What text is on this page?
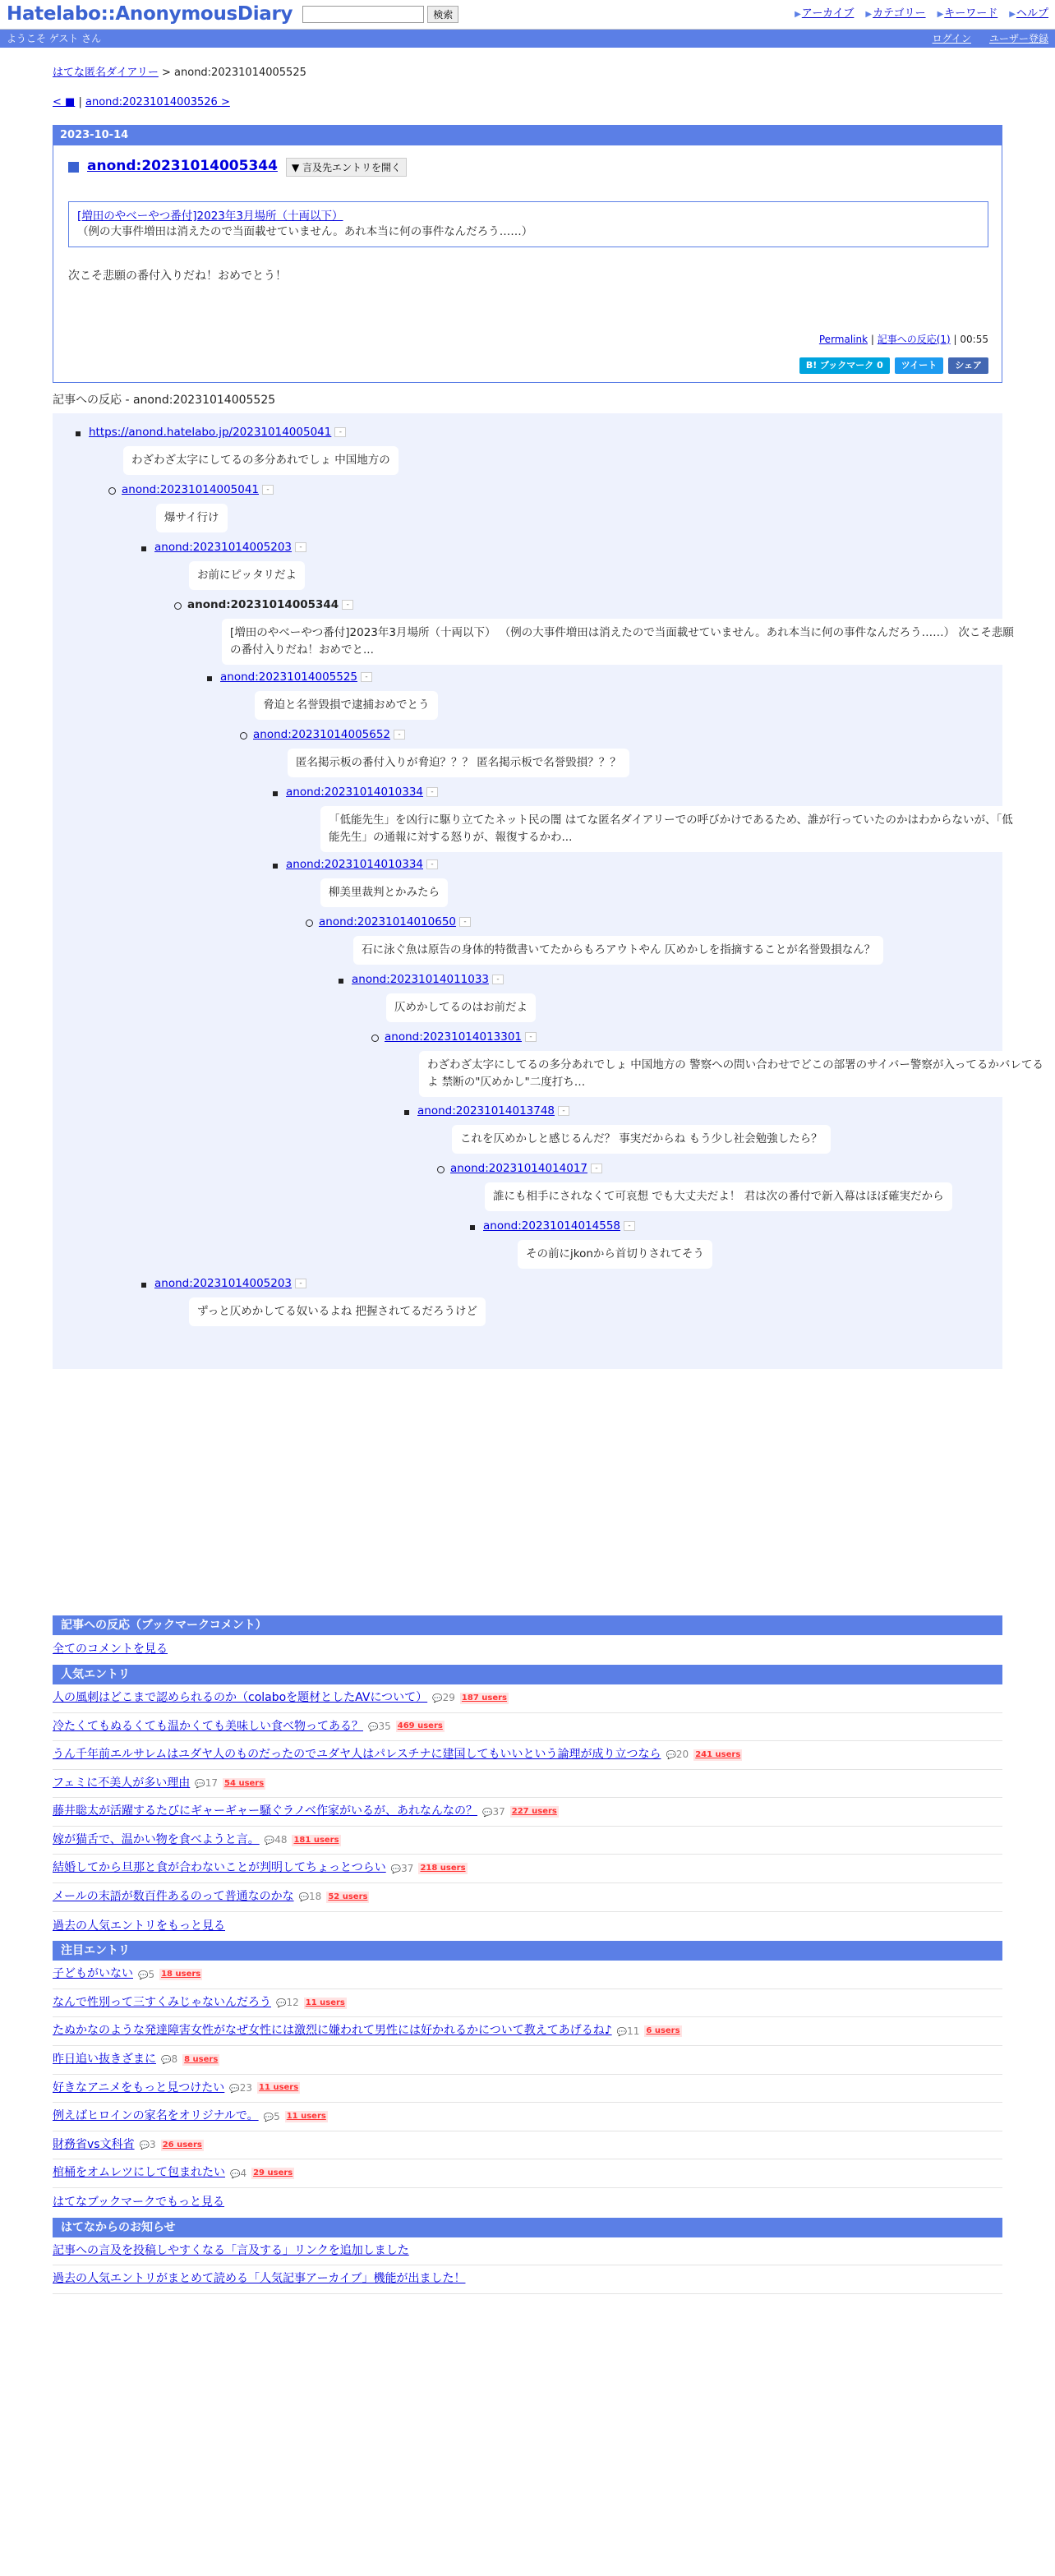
Hatelabo::AnonymousDiary	検索	▶アーカイブ ▶カテゴリー ▶キーワード ▶ヘルプ
ようこそ ゲスト さん	ログイン ユーザー登録
はてな匿名ダイアリー > anond:20231014005525
< ■ | anond:20231014003526 >
2023-10-14
anond:20231014005344	▼ 言及先エントリを開く
[増田のやべーやつ番付]2023年3月場所（十両以下）
（例の大事件増田は消えたので当面載せていません。あれ本当に何の事件なんだろう……）
次こそ悲願の番付入りだね！おめでとう！
Permalink | 記事への反応(1) | 00:55
B! ブックマーク 0	ツイート	シェア
記事への反応 - anond:20231014005525
https://anond.hatelabo.jp/20231014005041 -
わざわざ太字にしてるの多分あれでしょ 中国地方の
anond:20231014005041 -
爆サイ行け
anond:20231014005203 -
お前にピッタリだよ
anond:20231014005344 -
[増田のやべーやつ番付]2023年3月場所（十両以下） （例の大事件増田は消えたので当面載せていません。あれ本当に何の事件なんだろう……） 次こそ悲願の番付入りだね！おめでと...
anond:20231014005525 -
脅迫と名誉毀損で逮捕おめでとう
anond:20231014005652 -
匿名掲示板の番付入りが脅迫？？？ 匿名掲示板で名誉毀損？？？
anond:20231014010334 -
「低能先生」を凶行に駆り立てたネット民の闇 はてな匿名ダイアリーでの呼びかけであるため、誰が行っていたのかはわからないが、「低能先生」の通報に対する怒りが、報復するかわ...
anond:20231014010334 -
柳美里裁判とかみたら
anond:20231014010650 -
石に泳ぐ魚は原告の身体的特徴書いてたからもろアウトやん 仄めかしを指摘することが名誉毀損なん？
anond:20231014011033 -
仄めかしてるのはお前だよ
anond:20231014013301 -
わざわざ太字にしてるの多分あれでしょ 中国地方の 警察への問い合わせでどこの部署のサイバー警察が入ってるかバレてるよ 禁断の"仄めかし"二度打ち…
anond:20231014013748 -
これを仄めかしと感じるんだ？ 事実だからね もう少し社会勉強したら？
anond:20231014014017 -
誰にも相手にされなくて可哀想 でも大丈夫だよ！ 君は次の番付で新入幕はほぼ確実だから
anond:20231014014558 -
その前にjkonから首切りされてそう
anond:20231014005203 -
ずっと仄めかしてる奴いるよね 把握されてるだろうけど
記事への反応（ブックマークコメント）
全てのコメントを見る
人気エントリ
人の風刺はどこまで認められるのか（colaboを題材としたAVについて） 💬29 187 users
冷たくてもぬるくても温かくても美味しい食べ物ってある？ 💬35 469 users
うん千年前エルサレムはユダヤ人のものだったのでユダヤ人はパレスチナに建国してもいいという論理が成り立つなら 💬20 241 users
フェミに不美人が多い理由 💬17 54 users
藤井聡太が活躍するたびにギャーギャー騒ぐラノベ作家がいるが、あれなんなの？ 💬37 227 users
嫁が猫舌で、温かい物を食べようと言。 💬48 181 users
結婚してから旦那と食が合わないことが判明してちょっとつらい 💬37 218 users
メールの末語が数百件あるのって普通なのかな 💬18 52 users
過去の人気エントリをもっと見る
注目エントリ
子どもがいない 💬5 18 users
なんで性別って三すくみじゃないんだろう 💬12 11 users
たぬかなのような発達障害女性がなぜ女性には激烈に嫌われて男性には好かれるかについて教えてあげるね♪ 💬11 6 users
昨日追い抜きざまに 💬8 8 users
好きなアニメをもっと見つけたい 💬23 11 users
例えばヒロインの家名をオリジナルで。 💬5 11 users
財務省vs文科省 💬3 26 users
棺桶をオムレツにして包まれたい 💬4 29 users
はてなブックマークでもっと見る
はてなからのお知らせ
記事への言及を投稿しやすくなる「言及する」リンクを追加しました
過去の人気エントリがまとめて読める「人気記事アーカイブ」機能が出ました！
